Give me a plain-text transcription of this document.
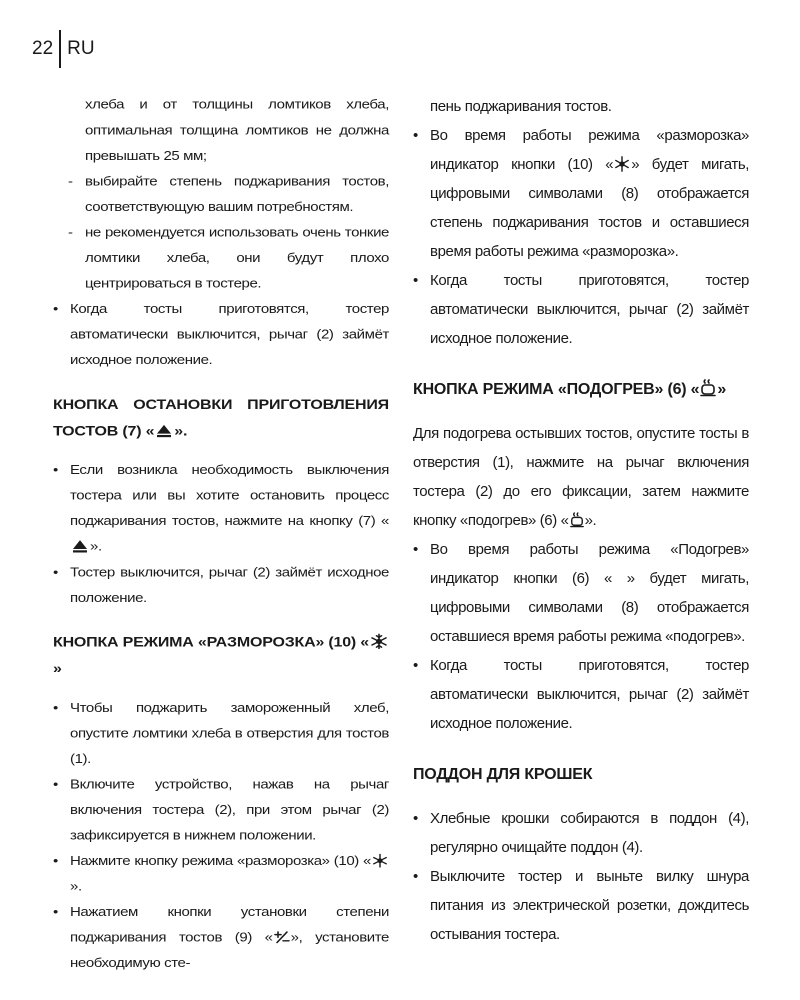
22 RU
хлеба и от толщины ломтиков хлеба, оптимальная толщина ломтиков не должна превышать 25 мм;
- выбирайте степень поджаривания тостов, соответствующую вашим потребностям.
- не рекомендуется использовать очень тонкие ломтики хлеба, они будут плохо центрироваться в тостере.
• Когда тосты приготовятся, тостер автоматически выключится, рычаг (2) займёт исходное положение.
КНОПКА ОСТАНОВКИ ПРИГОТОВЛЕНИЯ ТОСТОВ (7) « ».
• Если возникла необходимость выключения тостера или вы хотите остановить процесс поджаривания тостов, нажмите на кнопку (7) «
».
• Тостер выключится, рычаг (2) займёт исходное положение.
КНОПКА РЕЖИМА «РАЗМОРОЗКА» (10) «
»
• Чтобы поджарить замороженный хлеб, опустите ломтики хлеба в отверстия для тостов (1).
• Включите устройство, нажав на рычаг включения тостера (2), при этом рычаг (2) зафиксируется в нижнем положении.
• Нажмите кнопку режима «разморозка» (10) «
».
• Нажатием кнопки установки степени поджаривания тостов (9) « », установите необходимую сте-
пень поджаривания тостов.
• Во время работы режима «разморозка» индикатор кнопки (10) « » будет мигать, цифровыми символами (8) отображается степень поджаривания тостов и оставшиеся время работы режима «разморозка».
• Когда тосты приготовятся, тостер автоматически выключится, рычаг (2) займёт исходное положение.
КНОПКА РЕЖИМА «ПОДОГРЕВ» (6) « »

Для подогрева остывших тостов, опустите тосты в отверстия (1), нажмите на рычаг включения тостера (2) до его фиксации, затем нажмите кнопку «подогрев» (6) « ».

• Во время работы режима «Подогрев» индикатор кнопки (6) « » будет мигать, цифровыми символами (8) отображается оставшиеся время работы режима «подогрев».
• Когда тосты приготовятся, тостер автоматически выключится, рычаг (2) займёт исходное положение.
ПОДДОН ДЛЯ КРОШЕК
• Хлебные крошки собираются в поддон (4), регулярно очищайте поддон (4).
• Выключите тостер и выньте вилку шнура питания из электрической розетки, дождитесь остывания тостера.
